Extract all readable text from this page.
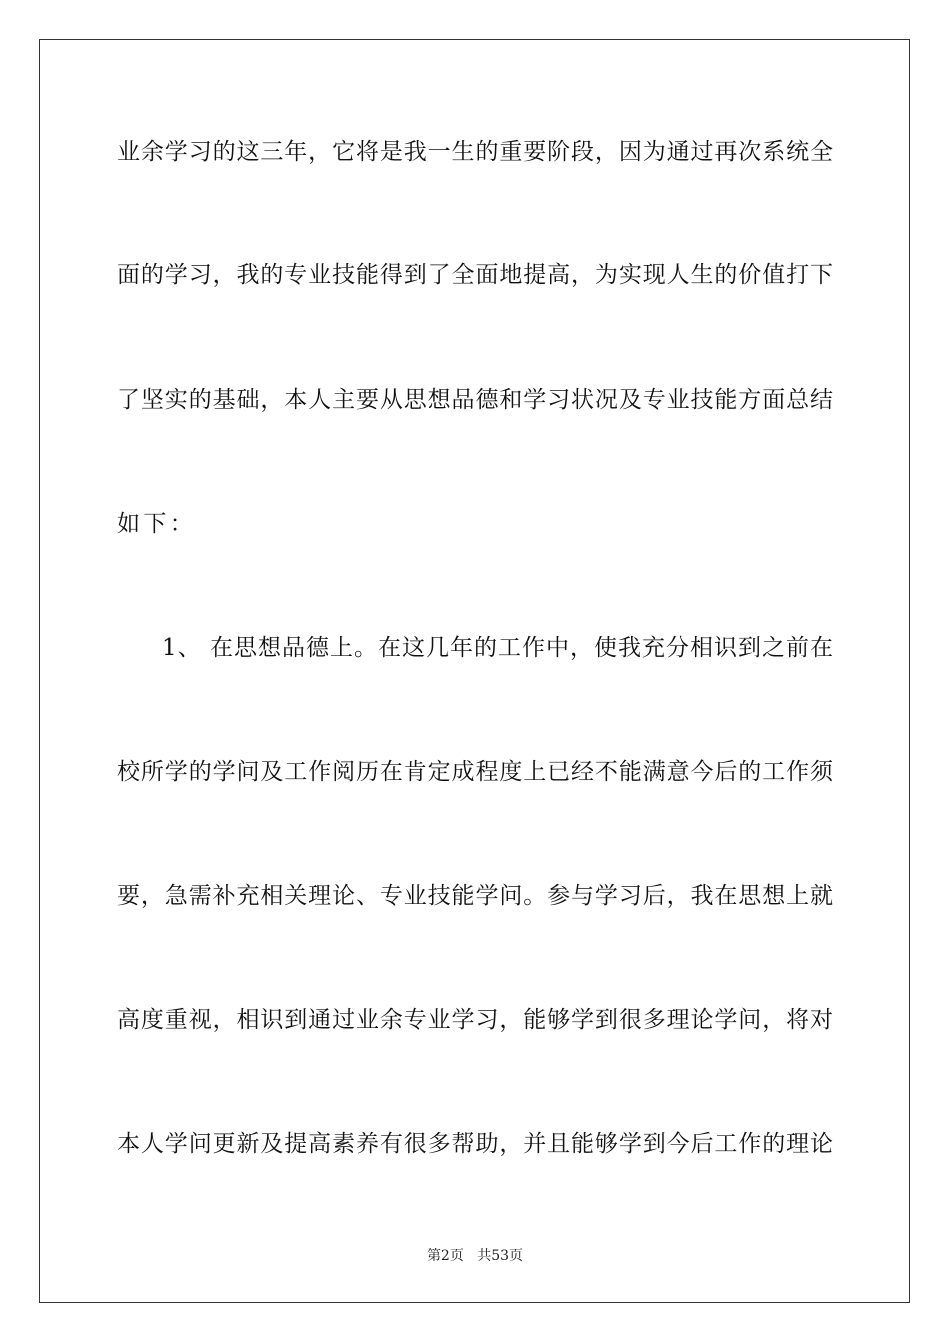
业余学习的这三年，它将是我一生的重要阶段，因为通过再次系统全
面的学习，我的专业技能得到了全面地提高，为实现人生的价值打下
了坚实的基础，本人主要从思想品德和学习状况及专业技能方面总结
如下：
1、 在思想品德上。在这几年的工作中，使我充分相识到之前在
校所学的学问及工作阅历在肯定成程度上已经不能满意今后的工作须
要，急需补充相关理论、专业技能学问。参与学习后，我在思想上就
高度重视，相识到通过业余专业学习，能够学到很多理论学问，将对
本人学问更新及提高素养有很多帮助，并且能够学到今后工作的理论
第2页 共53页
